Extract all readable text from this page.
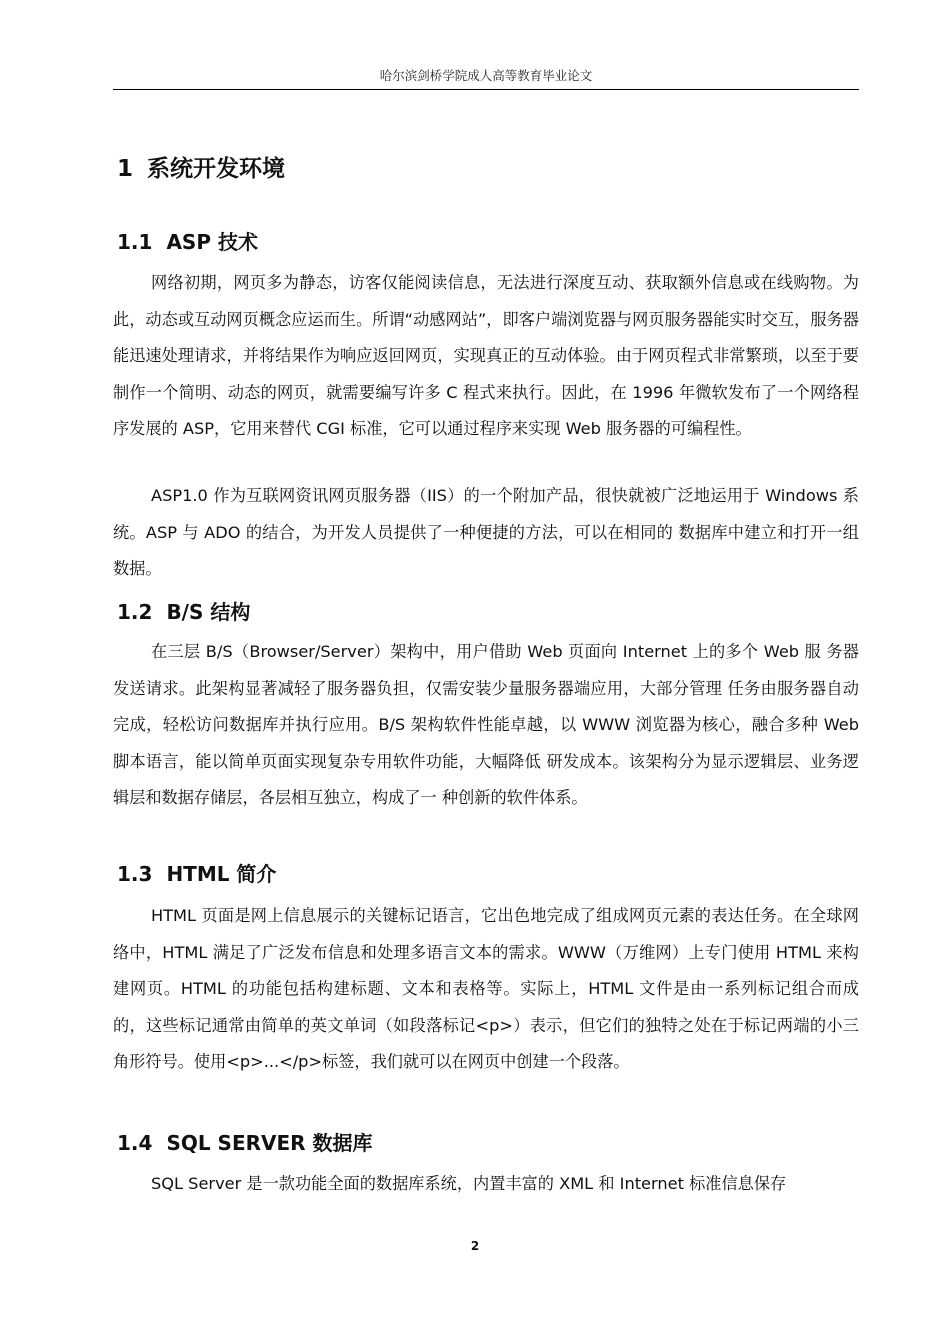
哈尔滨剑桥学院成人高等教育毕业论文
1 系统开发环境
1.1 ASP 技术
网络初期，网页多为静态，访客仅能阅读信息，无法进行深度互动、获取额外信息或在线购物。为此，动态或互动网页概念应运而生。所谓“动感网站”，即客户端浏览器与网页服务器能实时交互，服务器能迅速处理请求，并将结果作为响应返回网页，实现真正的互动体验。由于网页程式非常繁琐，以至于要制作一个简明、动态的网页，就需要编写许多 C 程式来执行。因此，在 1996 年微软发布了一个网络程序发展的 ASP，它用来替代 CGI 标准，它可以通过程序来实现 Web 服务器的可编程性。
ASP1.0 作为互联网资讯网页服务器（IIS）的一个附加产品，很快就被广泛地运用于 Windows 系统。ASP 与 ADO 的结合，为开发人员提供了一种便捷的方法，可以在相同的 数据库中建立和打开一组数据。
1.2 B/S 结构
在三层 B/S（Browser/Server）架构中，用户借助 Web 页面向 Internet 上的多个 Web 服 务器发送请求。此架构显著减轻了服务器负担，仅需安装少量服务器端应用，大部分管理 任务由服务器自动完成，轻松访问数据库并执行应用。B/S 架构软件性能卓越，以 WWW 浏览器为核心，融合多种 Web 脚本语言，能以简单页面实现复杂专用软件功能，大幅降低 研发成本。该架构分为显示逻辑层、业务逻辑层和数据存储层，各层相互独立，构成了一 种创新的软件体系。
1.3 HTML 简介
HTML 页面是网上信息展示的关键标记语言，它出色地完成了组成网页元素的表达任务。在全球网络中，HTML 满足了广泛发布信息和处理多语言文本的需求。WWW（万维网）上专门使用 HTML 来构建网页。HTML 的功能包括构建标题、文本和表格等。实际上，HTML 文件是由一系列标记组合而成的，这些标记通常由简单的英文单词（如段落标记<p>）表示，但它们的独特之处在于标记两端的小三角形符号。使用<p>...</p>标签，我们就可以在网页中创建一个段落。
1.4 SQL SERVER 数据库
SQL Server 是一款功能全面的数据库系统，内置丰富的 XML 和 Internet 标准信息保存
2
